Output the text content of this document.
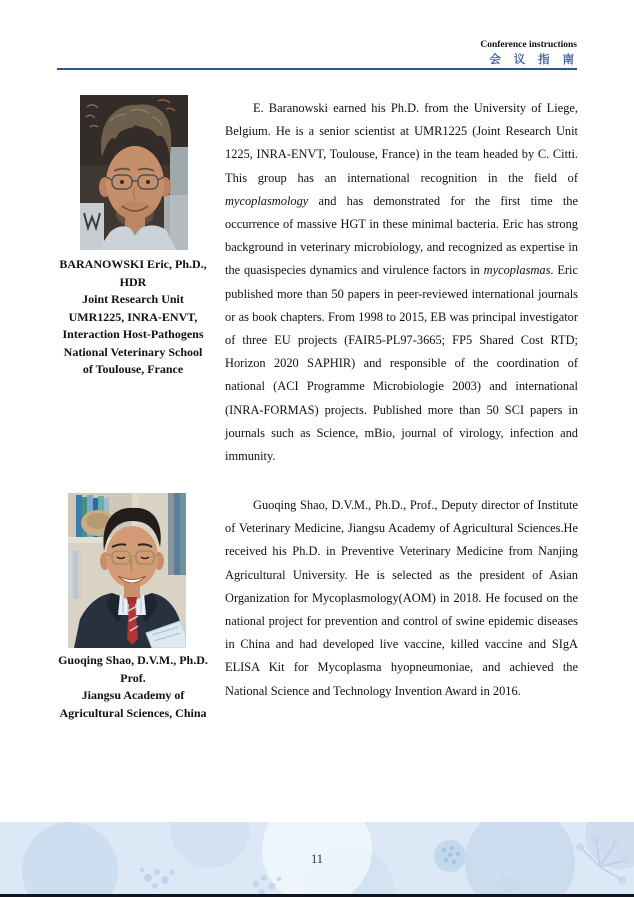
Conference instructions
会 议 指 南
BARANOWSKI Eric, Ph.D.,
HDR
Joint Research Unit
UMR1225, INRA-ENVT,
Interaction Host-Pathogens
National Veterinary School
of Toulouse, France

E. Baranowski earned his Ph.D. from the University of Liege, Belgium. He is a senior scientist at UMR1225 (Joint Research Unit 1225, INRA-ENVT, Toulouse, France) in the team headed by C. Citti. This group has an international recognition in the field of mycoplasmology and has demonstrated for the first time the occurrence of massive HGT in these minimal bacteria. Eric has strong background in veterinary microbiology, and recognized as expertise in the quasispecies dynamics and virulence factors in mycoplasmas. Eric published more than 50 papers in peer-reviewed international journals or as book chapters. From 1998 to 2015, EB was principal investigator of three EU projects (FAIR5-PL97-3665; FP5 Shared Cost RTD; Horizon 2020 SAPHIR) and responsible of the coordination of national (ACI Programme Microbiologie 2003) and international (INRA-FORMAS) projects. Published more than 50 SCI papers in journals such as Science, mBio, journal of virology, infection and immunity.

Guoqing Shao, D.V.M., Ph.D.
Prof.
Jiangsu Academy of
Agricultural Sciences, China

Guoqing Shao, D.V.M., Ph.D., Prof., Deputy director of Institute of Veterinary Medicine, Jiangsu Academy of Agricultural Sciences.He received his Ph.D. in Preventive Veterinary Medicine from Nanjing Agricultural University. He is selected as the president of Asian Organization for Mycoplasmology(AOM) in 2018. He focused on the national project for prevention and control of swine epidemic diseases in China and had developed live vaccine, killed vaccine and SIgA ELISA Kit for Mycoplasma hyopneumoniae, and achieved the National Science and Technology Invention Award in 2016.

11
